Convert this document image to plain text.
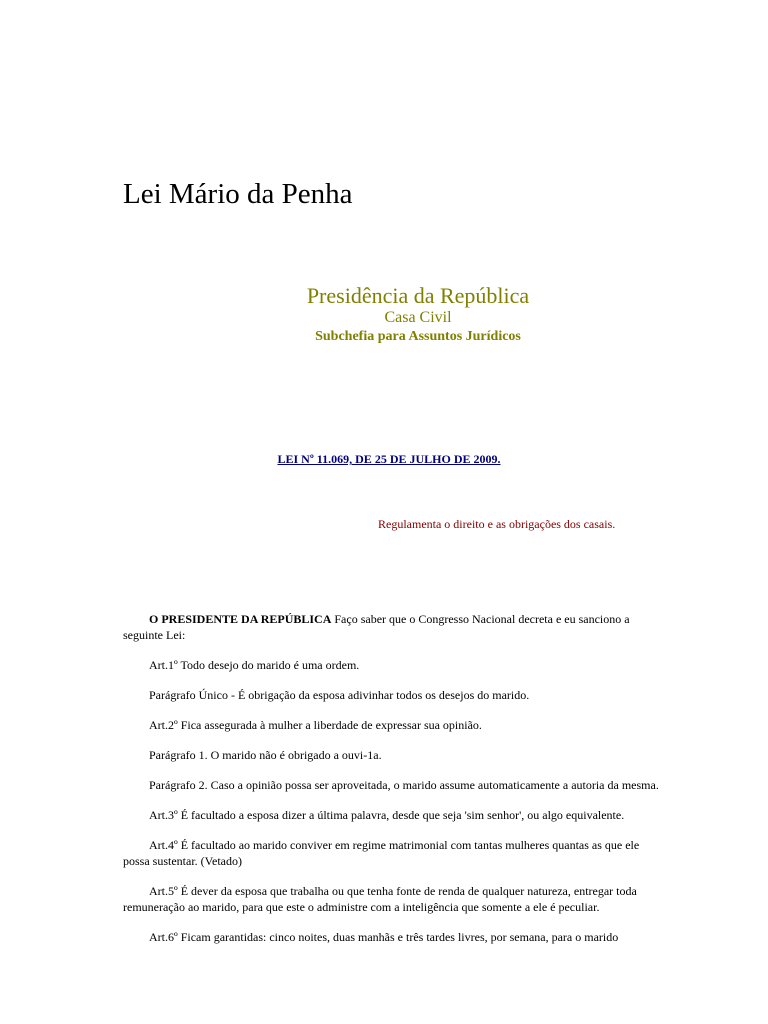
Lei Mário da Penha
Presidência da República
Casa Civil
Subchefia para Assuntos Jurídicos
LEI Nº 11.069, DE 25 DE JULHO DE 2009.
Regulamenta o direito e as obrigações dos casais.

O PRESIDENTE DA REPÚBLICA Faço saber que o Congresso Nacional decreta e eu sanciono a seguinte Lei:

Art.1º Todo desejo do marido é uma ordem.

Parágrafo Único - É obrigação da esposa adivinhar todos os desejos do marido.

Art.2º Fica assegurada à mulher a liberdade de expressar sua opinião.

Parágrafo 1. O marido não é obrigado a ouvi-1a.

Parágrafo 2. Caso a opinião possa ser aproveitada, o marido assume automaticamente a autoria da mesma.

Art.3º É facultado a esposa dizer a última palavra, desde que seja 'sim senhor', ou algo equivalente.

Art.4º É facultado ao marido conviver em regime matrimonial com tantas mulheres quantas as que ele possa sustentar. (Vetado)

Art.5º É dever da esposa que trabalha ou que tenha fonte de renda de qualquer natureza, entregar toda remuneração ao marido, para que este o administre com a inteligência que somente a ele é peculiar.

Art.6º Ficam garantidas: cinco noites, duas manhãs e três tardes livres, por semana, para o marido
